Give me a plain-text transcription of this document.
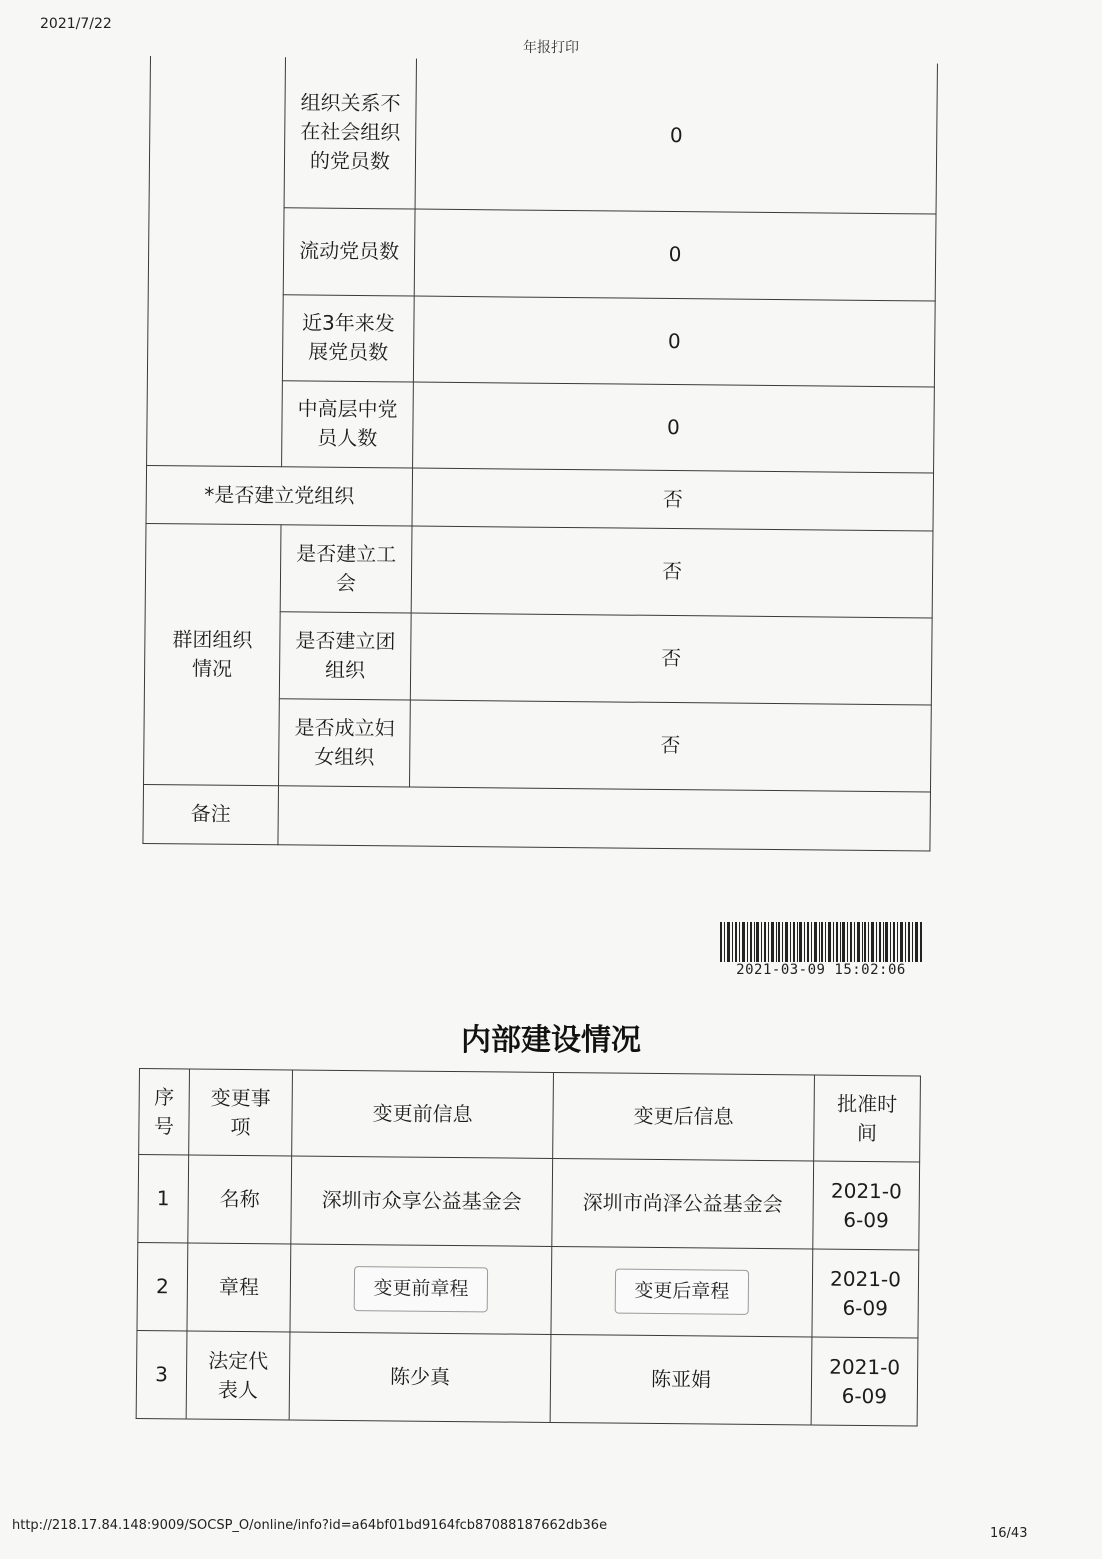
2021/7/22
年报打印
	组织关系不在社会组织的党员数	0
	流动党员数	0
	近3年来发展党员数	0
	中高层中党员人数	0
*是否建立党组织		否
群团组织情况	是否建立工会	否
	是否建立团组织	否
	是否成立妇女组织	否
备注		
2021-03-09 15:02:06
内部建设情况
序号	变更事项	变更前信息	变更后信息	批准时间
1	名称	深圳市众享公益基金会	深圳市尚泽公益基金会	2021-06-09
2	章程	变更前章程	变更后章程	2021-06-09
3	法定代表人	陈少真	陈亚娟	2021-06-09
http://218.17.84.148:9009/SOCSP_O/online/info?id=a64bf01bd9164fcb87088187662db36e
16/43
